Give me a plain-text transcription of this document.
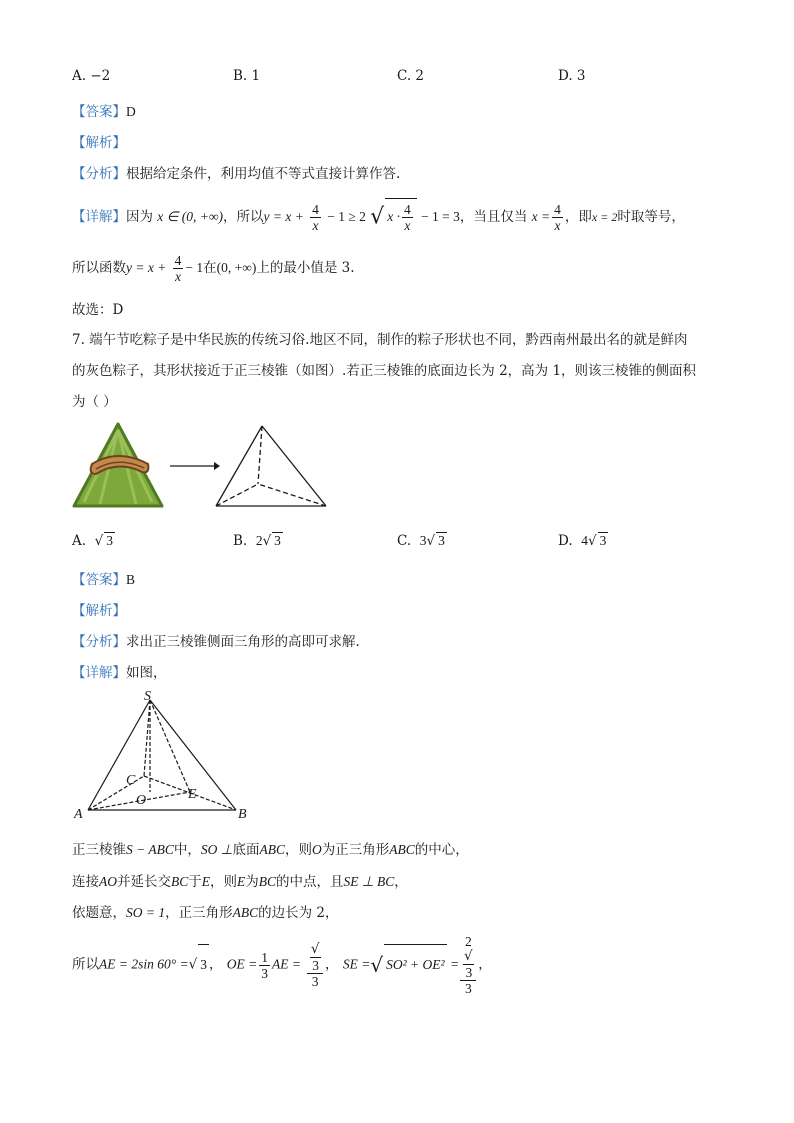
A. −2	B. 1	C. 2	D. 3
【答案】D
【解析】
【分析】根据给定条件，利用均值不等式直接计算作答.
【详解】因为 x ∈ (0, +∞)，所以$y = x + \frac{4}{x} - 1 \ge 2$ √ $x \cdot \frac{4}{x} - 1 = 3$，当且仅当 $x = \frac{4}{x}$ ，即x = 2时取等号，
所以函数$y = x + \frac{4}{x} - 1$在(0, +∞)上的最小值是 3.
故选：D
7. 端午节吃粽子是中华民族的传统习俗.地区不同，制作的粽子形状也不同，黔西南州最出名的就是鲜肉
的灰色粽子，其形状接近于正三棱锥（如图）.若正三棱锥的底面边长为 2，高为 1，则该三棱锥的侧面积
为（ ）
A. √ 3	B. 2√ 3	C. 3√ 3	D. 4√ 3
【答案】B
【解析】
【分析】求出正三棱锥侧面三角形的高即可求解.
【详解】如图，
S
A	B
C
O	E
正三棱锥S − ABC中，SO ⊥底面ABC，则O为正三角形ABC的中心，
连接AO并延长交BC于E，则E为BC的中点，且SE ⊥ BC，
依题意，SO = 1，正三角形ABC的边长为 2，
所以AE = 2sin 60° =√ 3 ， OE = $\frac{1}{3}$ AE = √
3
3 ， SE =√ SO² + OE² = 2
√
3
3 ，
